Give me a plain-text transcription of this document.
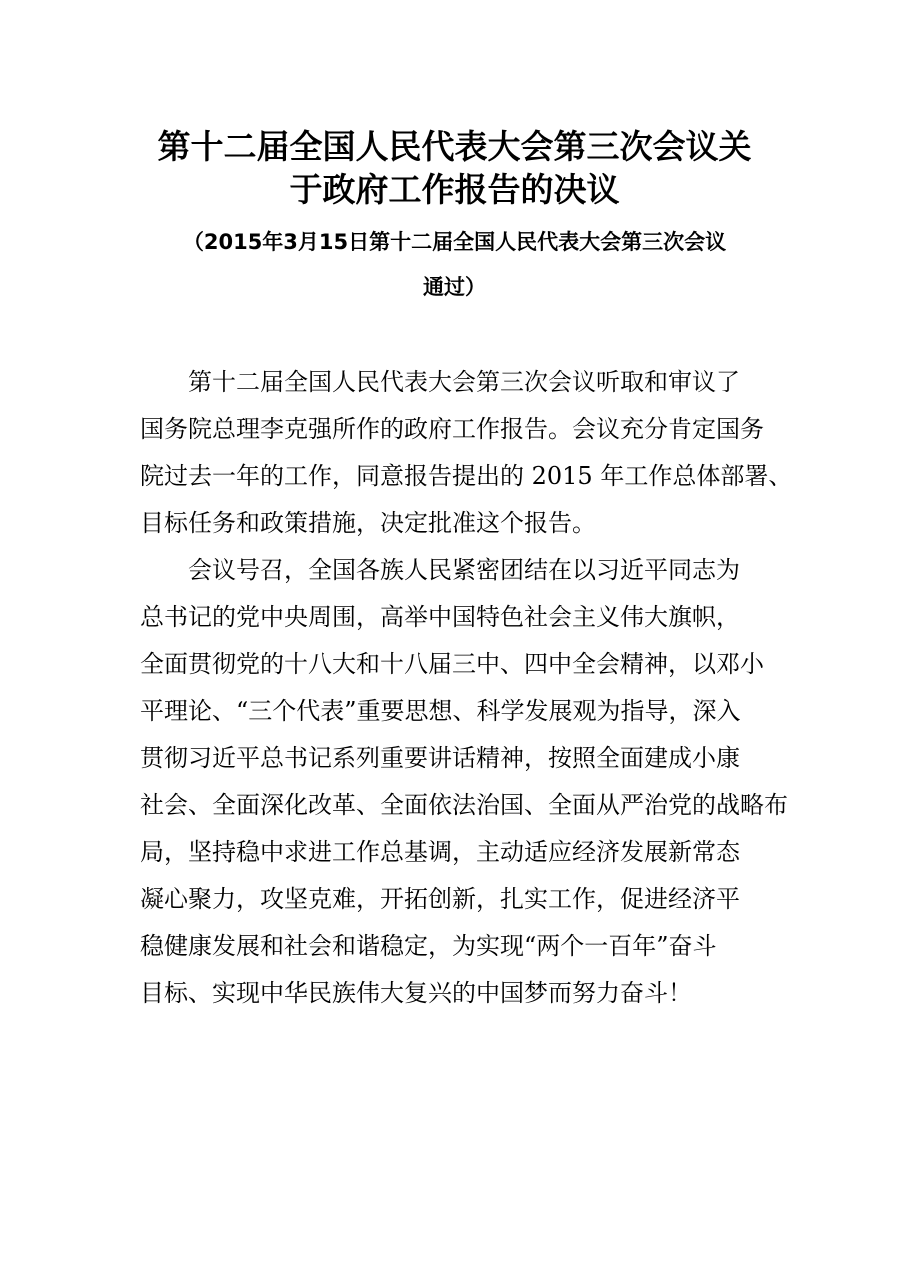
第十二届全国人民代表大会第三次会议关
于政府工作报告的决议
（2015年3月15日第十二届全国人民代表大会第三次会议
通过）
第十二届全国人民代表大会第三次会议听取和审议了
国务院总理李克强所作的政府工作报告。会议充分肯定国务
院过去一年的工作，同意报告提出的 2015 年工作总体部署、
目标任务和政策措施，决定批准这个报告。
会议号召，全国各族人民紧密团结在以习近平同志为
总书记的党中央周围，高举中国特色社会主义伟大旗帜，
全面贯彻党的十八大和十八届三中、四中全会精神，以邓小
平理论、“三个代表”重要思想、科学发展观为指导，深入
贯彻习近平总书记系列重要讲话精神，按照全面建成小康
社会、全面深化改革、全面依法治国、全面从严治党的战略布
局，坚持稳中求进工作总基调，主动适应经济发展新常态
凝心聚力，攻坚克难，开拓创新，扎实工作，促进经济平
稳健康发展和社会和谐稳定，为实现“两个一百年”奋斗
目标、实现中华民族伟大复兴的中国梦而努力奋斗！
